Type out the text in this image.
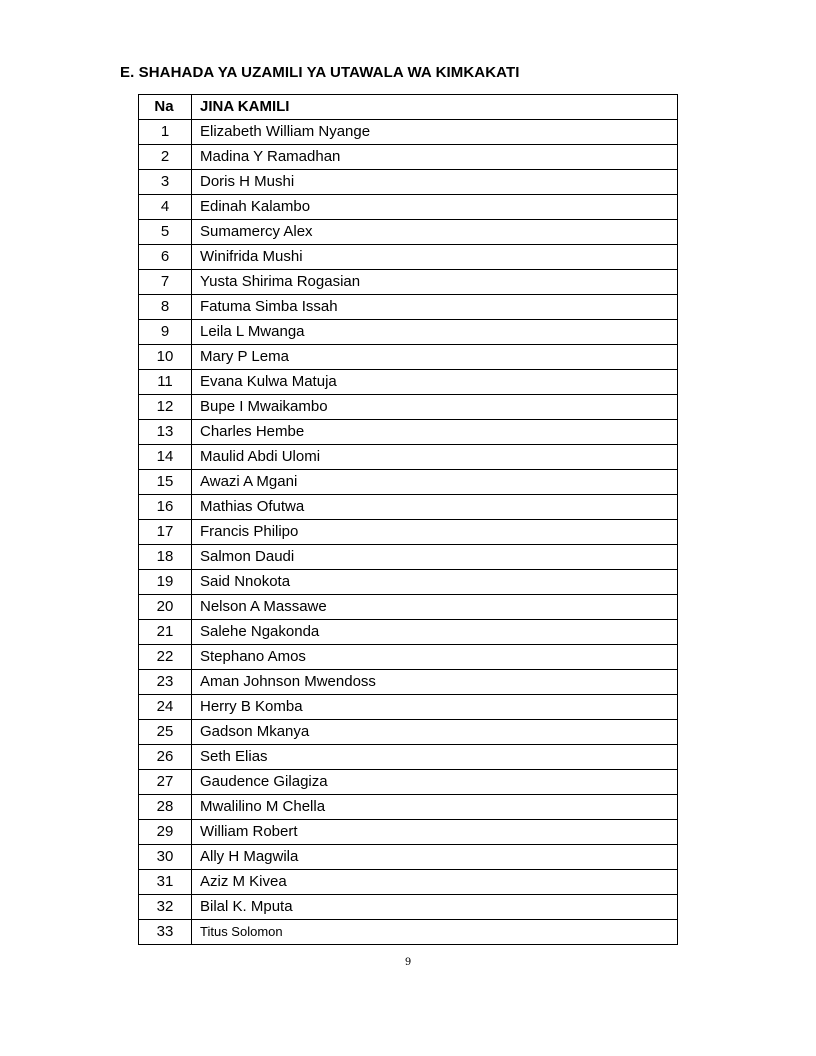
E. SHAHADA YA UZAMILI YA UTAWALA WA KIMKAKATI
Na	JINA KAMILI
1	Elizabeth William Nyange
2	Madina Y Ramadhan
3	Doris H Mushi
4	Edinah Kalambo
5	Sumamercy Alex
6	Winifrida Mushi
7	Yusta Shirima Rogasian
8	Fatuma Simba Issah
9	Leila L Mwanga
10	Mary P Lema
11	Evana Kulwa Matuja
12	Bupe I Mwaikambo
13	Charles Hembe
14	Maulid Abdi Ulomi
15	Awazi A Mgani
16	Mathias Ofutwa
17	Francis Philipo
18	Salmon Daudi
19	Said Nnokota
20	Nelson A Massawe
21	Salehe Ngakonda
22	Stephano Amos
23	Aman Johnson Mwendoss
24	Herry B Komba
25	Gadson Mkanya
26	Seth Elias
27	Gaudence Gilagiza
28	Mwalilino M Chella
29	William Robert
30	Ally H Magwila
31	Aziz M Kivea
32	Bilal K. Mputa
33	Titus Solomon
9
